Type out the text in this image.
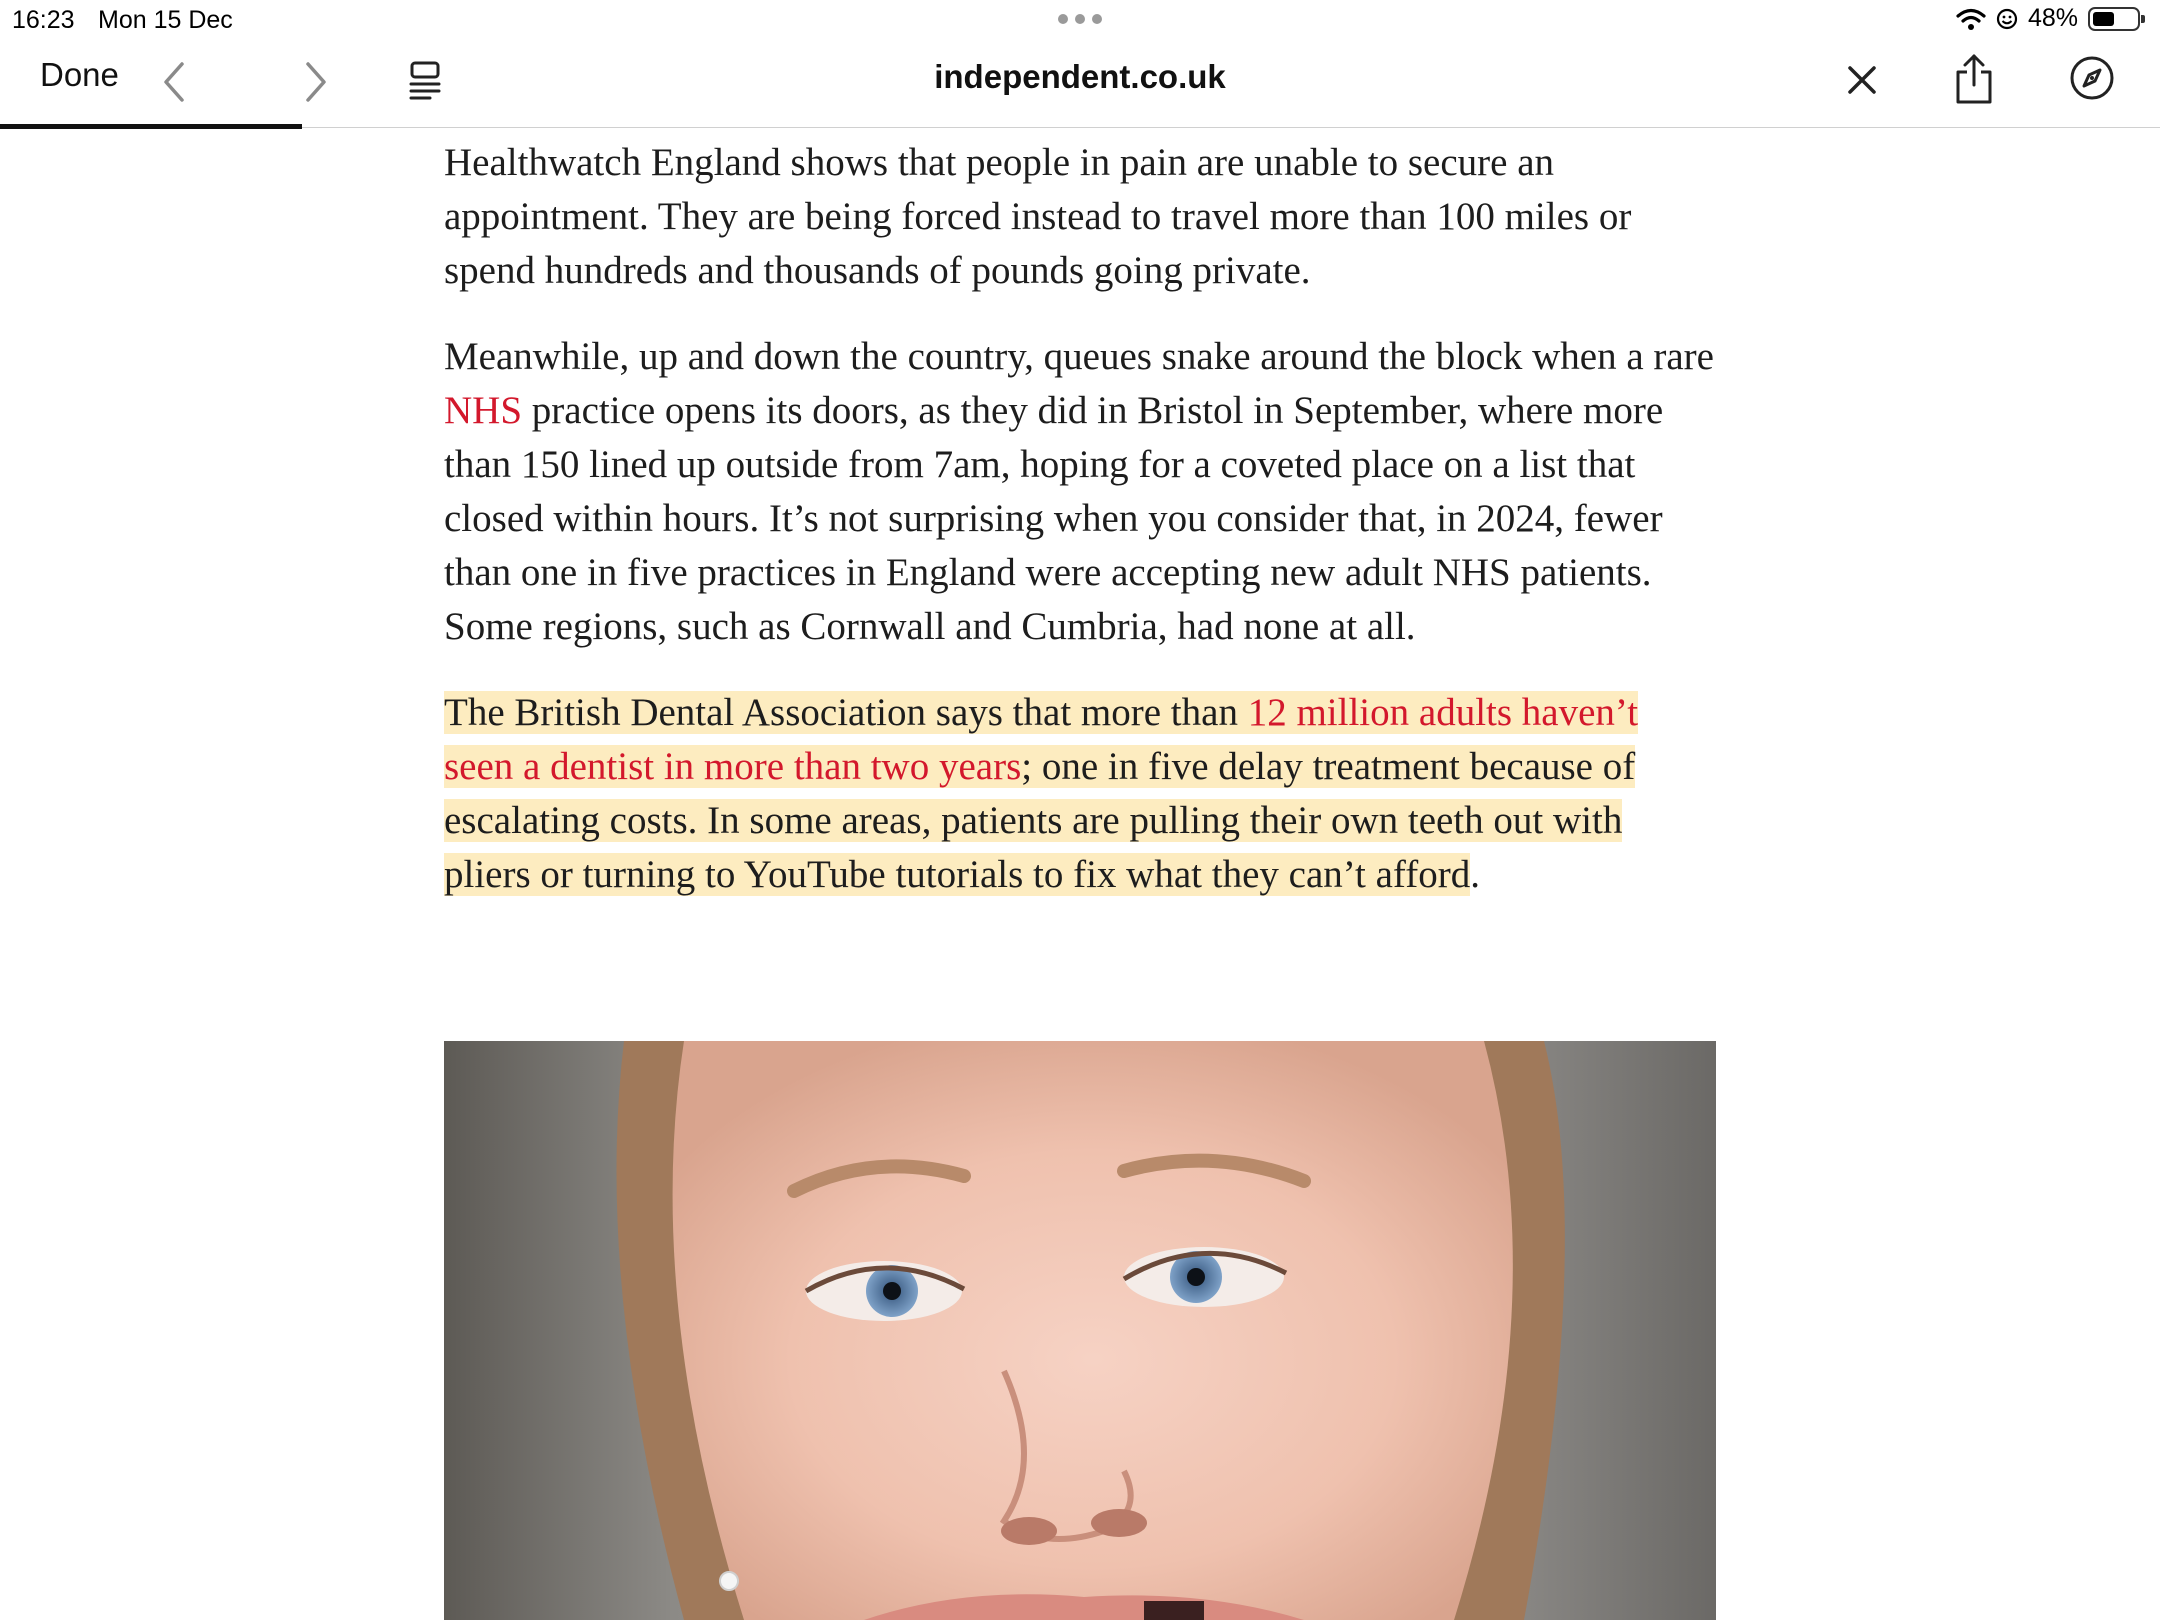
16:23 Mon 15 Dec	48%
Done	independent.co.uk

Healthwatch England shows that people in pain are unable to secure an appointment. They are being forced instead to travel more than 100 miles or spend hundreds and thousands of pounds going private.

Meanwhile, up and down the country, queues snake around the block when a rare NHS practice opens its doors, as they did in Bristol in September, where more than 150 lined up outside from 7am, hoping for a coveted place on a list that closed within hours. It’s not surprising when you consider that, in 2024, fewer than one in five practices in England were accepting new adult NHS patients. Some regions, such as Cornwall and Cumbria, had none at all.

The British Dental Association says that more than 12 million adults haven’t seen a dentist in more than two years; one in five delay treatment because of escalating costs. In some areas, patients are pulling their own teeth out with pliers or turning to YouTube tutorials to fix what they can’t afford.
